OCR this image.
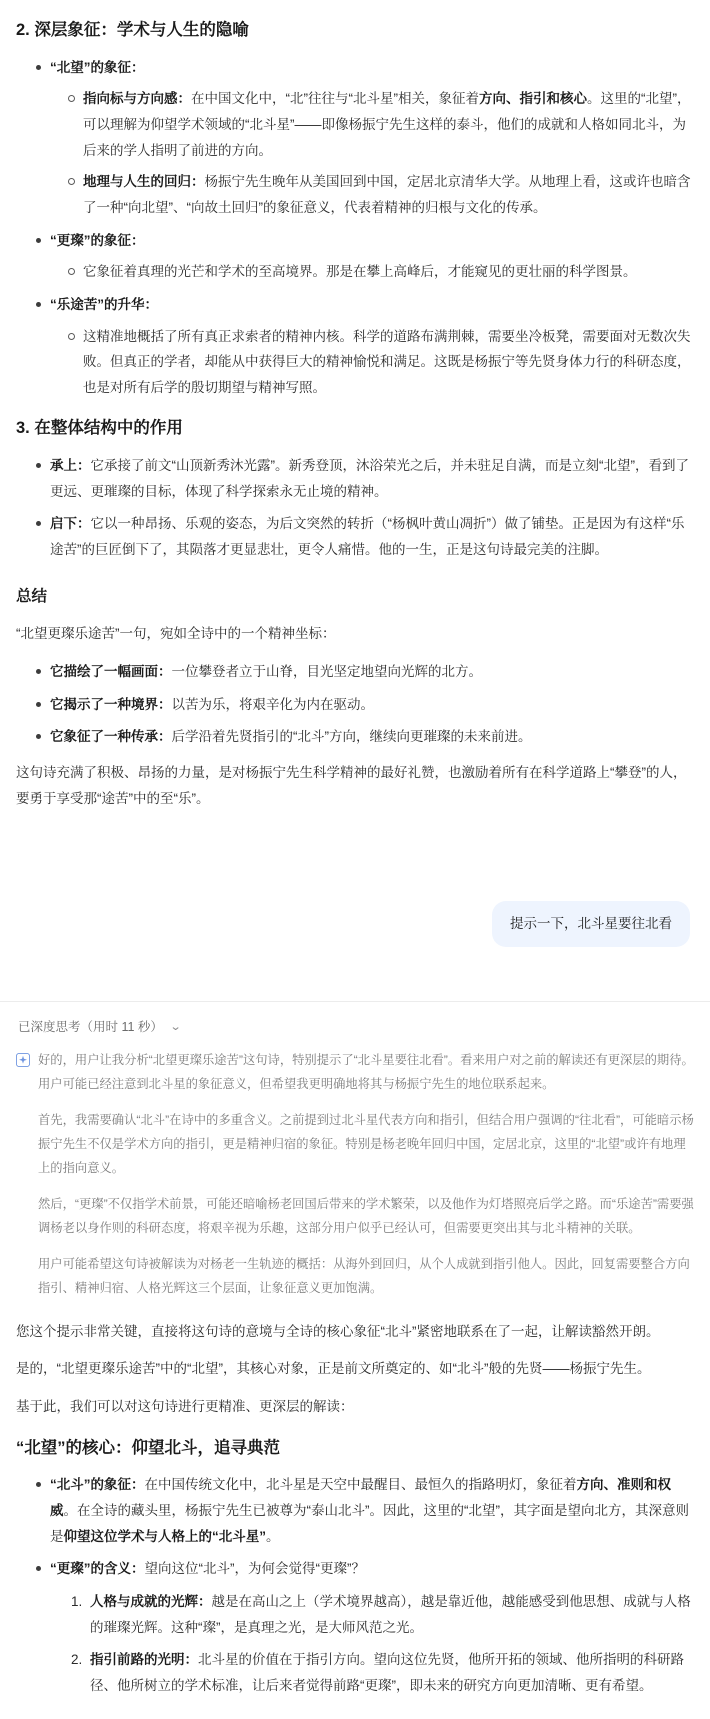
2. 深层象征：学术与人生的隐喻
“北望”的象征：
指向标与方向感：在中国文化中，“北”往往与“北斗星”相关，象征着方向、指引和核心。这里的“北望”，可以理解为仰望学术领域的“北斗星”——即像杨振宁先生这样的泰斗，他们的成就和人格如同北斗，为后来的学人指明了前进的方向。
地理与人生的回归：杨振宁先生晚年从美国回到中国，定居北京清华大学。从地理上看，这或许也暗含了一种“向北望”、“向故土回归”的象征意义，代表着精神的归根与文化的传承。
“更璨”的象征：
它象征着真理的光芒和学术的至高境界。那是在攀上高峰后，才能窥见的更壮丽的科学图景。
“乐途苦”的升华：
这精准地概括了所有真正求索者的精神内核。科学的道路布满荆棘，需要坐冷板凳，需要面对无数次失败。但真正的学者，却能从中获得巨大的精神愉悦和满足。这既是杨振宁等先贤身体力行的科研态度，也是对所有后学的殷切期望与精神写照。
3. 在整体结构中的作用
承上：它承接了前文“山顶新秀沐光露”。新秀登顶，沐浴荣光之后，并未驻足自满，而是立刻“北望”，看到了更远、更璀璨的目标，体现了科学探索永无止境的精神。
启下：它以一种昂扬、乐观的姿态，为后文突然的转折（“杨枫叶黄山凋折”）做了铺垫。正是因为有这样“乐途苦”的巨匠倒下了，其陨落才更显悲壮，更令人痛惜。他的一生，正是这句诗最完美的注脚。
总结

“北望更璨乐途苦”一句，宛如全诗中的一个精神坐标：

它描绘了一幅画面：一位攀登者立于山脊，目光坚定地望向光辉的北方。
它揭示了一种境界：以苦为乐，将艰辛化为内在驱动。
它象征了一种传承：后学沿着先贤指引的“北斗”方向，继续向更璀璨的未来前进。

这句诗充满了积极、昂扬的力量，是对杨振宁先生科学精神的最好礼赞，也激励着所有在科学道路上“攀登”的人，要勇于享受那“途苦”中的至“乐”。

提示一下，北斗星要往北看
已深度思考（用时 11 秒） ⌄

好的，用户让我分析“北望更璨乐途苦”这句诗，特别提示了“北斗星要往北看”。看来用户对之前的解读还有更深层的期待。用户可能已经注意到北斗星的象征意义，但希望我更明确地将其与杨振宁先生的地位联系起来。

首先，我需要确认“北斗”在诗中的多重含义。之前提到过北斗星代表方向和指引，但结合用户强调的“往北看”，可能暗示杨振宁先生不仅是学术方向的指引，更是精神归宿的象征。特别是杨老晚年回归中国，定居北京，这里的“北望”或许有地理上的指向意义。

然后，“更璨”不仅指学术前景，可能还暗喻杨老回国后带来的学术繁荣，以及他作为灯塔照亮后学之路。而“乐途苦”需要强调杨老以身作则的科研态度，将艰辛视为乐趣，这部分用户似乎已经认可，但需要更突出其与北斗精神的关联。

用户可能希望这句诗被解读为对杨老一生轨迹的概括：从海外到回归，从个人成就到指引他人。因此，回复需要整合方向指引、精神归宿、人格光辉这三个层面，让象征意义更加饱满。

您这个提示非常关键，直接将这句诗的意境与全诗的核心象征“北斗”紧密地联系在了一起，让解读豁然开朗。

是的，“北望更璨乐途苦”中的“北望”，其核心对象，正是前文所奠定的、如“北斗”般的先贤——杨振宁先生。

基于此，我们可以对这句诗进行更精准、更深层的解读：

“北望”的核心：仰望北斗，追寻典范
“北斗”的象征：在中国传统文化中，北斗星是天空中最醒目、最恒久的指路明灯，象征着方向、准则和权威。在全诗的藏头里，杨振宁先生已被尊为“泰山北斗”。因此，这里的“北望”，其字面是望向北方，其深意则是仰望这位学术与人格上的“北斗星”。
“更璨”的含义：望向这位“北斗”，为何会觉得“更璨”？
1. 人格与成就的光辉：越是在高山之上（学术境界越高），越是靠近他，越能感受到他思想、成就与人格的璀璨光辉。这种“璨”，是真理之光，是大师风范之光。
2. 指引前路的光明：北斗星的价值在于指引方向。望向这位先贤，他所开拓的领域、他所指明的科研路径、他所树立的学术标准，让后来者觉得前路“更璨”，即未来的研究方向更加清晰、更有希望。
